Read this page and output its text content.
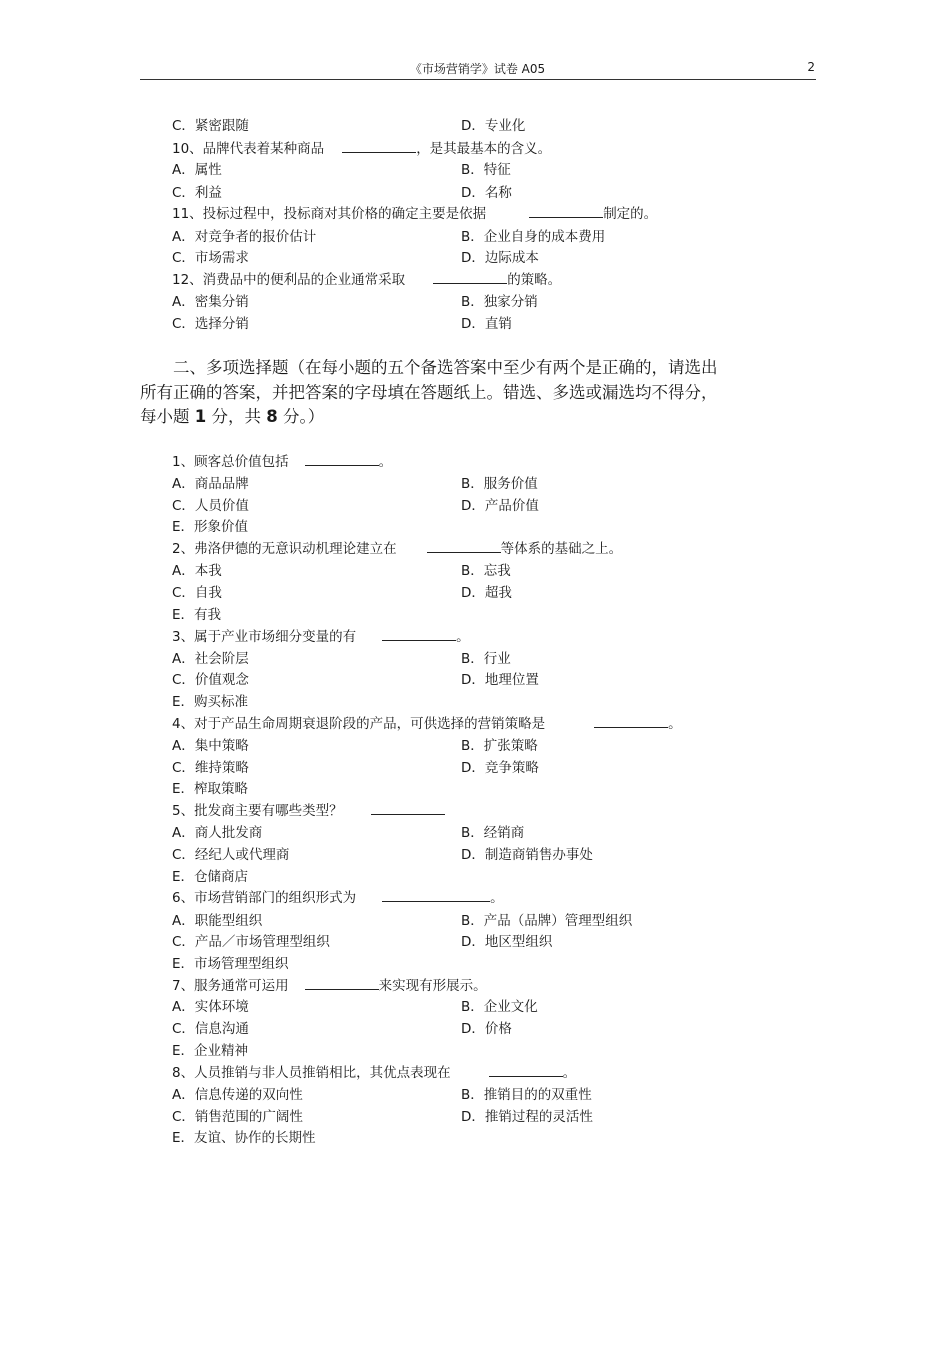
《市场营销学》试卷 A05	2
C．紧密跟随	D．专业化
10、品牌代表着某种商品	，是其最基本的含义。
A．属性	B．特征
C．利益	D．名称
11、投标过程中，投标商对其价格的确定主要是依据	制定的。
A．对竞争者的报价估计	B．企业自身的成本费用
C．市场需求	D．边际成本
12、消费品中的便利品的企业通常采取	的策略。
A．密集分销	B．独家分销
C．选择分销	D．直销

二、多项选择题（在每小题的五个备选答案中至少有两个是正确的，请选出

所有正确的答案，并把答案的字母填在答题纸上。错选、多选或漏选均不得分，

每小题 1 分，共 8 分。）

1、顾客总价值包括	。
A．商品品牌	B．服务价值
C．人员价值	D．产品价值
E．形象价值
2、弗洛伊德的无意识动机理论建立在	等体系的基础之上。
A．本我	B．忘我
C．自我	D．超我
E．有我
3、属于产业市场细分变量的有	。
A．社会阶层	B．行业
C．价值观念	D．地理位置
E．购买标准
4、对于产品生命周期衰退阶段的产品，可供选择的营销策略是	。
A．集中策略	B．扩张策略
C．维持策略	D．竞争策略
E．榨取策略
5、批发商主要有哪些类型？
A．商人批发商	B．经销商
C．经纪人或代理商	D．制造商销售办事处
E．仓储商店
6、市场营销部门的组织形式为	。
A．职能型组织	B．产品（品牌）管理型组织
C．产品／市场管理型组织	D．地区型组织
E．市场管理型组织
7、服务通常可运用	来实现有形展示。
A．实体环境	B．企业文化
C．信息沟通	D．价格
E．企业精神
8、人员推销与非人员推销相比，其优点表现在	。
A．信息传递的双向性	B．推销目的的双重性
C．销售范围的广阔性	D．推销过程的灵活性
E．友谊、协作的长期性
